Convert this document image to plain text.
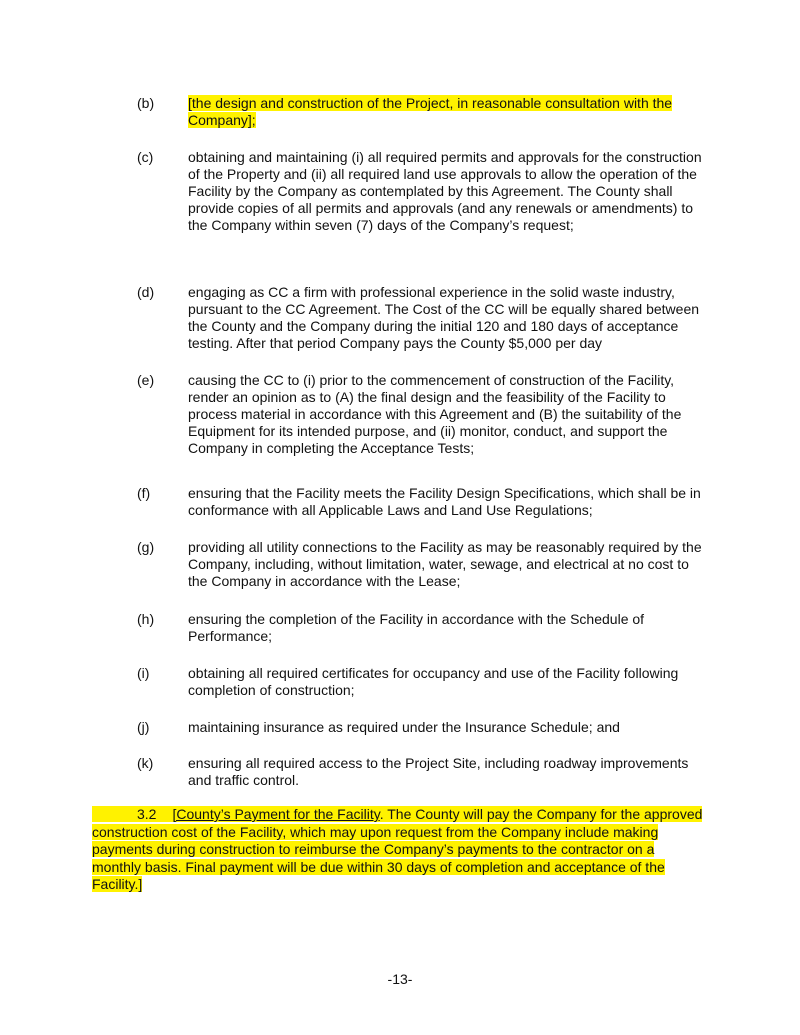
(b) [the design and construction of the Project, in reasonable consultation with the Company];

(c) obtaining and maintaining (i) all required permits and approvals for the construction of the Property and (ii) all required land use approvals to allow the operation of the Facility by the Company as contemplated by this Agreement. The County shall provide copies of all permits and approvals (and any renewals or amendments) to the Company within seven (7) days of the Company’s request;

(d) engaging as CC a firm with professional experience in the solid waste industry, pursuant to the CC Agreement. The Cost of the CC will be equally shared between the County and the Company during the initial 120 and 180 days of acceptance testing. After that period Company pays the County $5,000 per day

(e) causing the CC to (i) prior to the commencement of construction of the Facility, render an opinion as to (A) the final design and the feasibility of the Facility to process material in accordance with this Agreement and (B) the suitability of the Equipment for its intended purpose, and (ii) monitor, conduct, and support the Company in completing the Acceptance Tests;

(f)	ensuring that the Facility meets the Facility Design Specifications, which shall be in conformance with all Applicable Laws and Land Use Regulations;

(g) providing all utility connections to the Facility as may be reasonably required by the Company, including, without limitation, water, sewage, and electrical at no cost to the Company in accordance with the Lease;

(h) ensuring the completion of the Facility in accordance with the Schedule of Performance;

(i)	obtaining all required certificates for occupancy and use of the Facility following completion of construction;

(j)	maintaining insurance as required under the Insurance Schedule; and

(k) ensuring all required access to the Project Site, including roadway improvements and traffic control.

3.2 [County’s Payment for the Facility. The County will pay the Company for the approved construction cost of the Facility, which may upon request from the Company include making payments during construction to reimburse the Company’s payments to the contractor on a monthly basis. Final payment will be due within 30 days of completion and acceptance of the Facility.]

-13-
